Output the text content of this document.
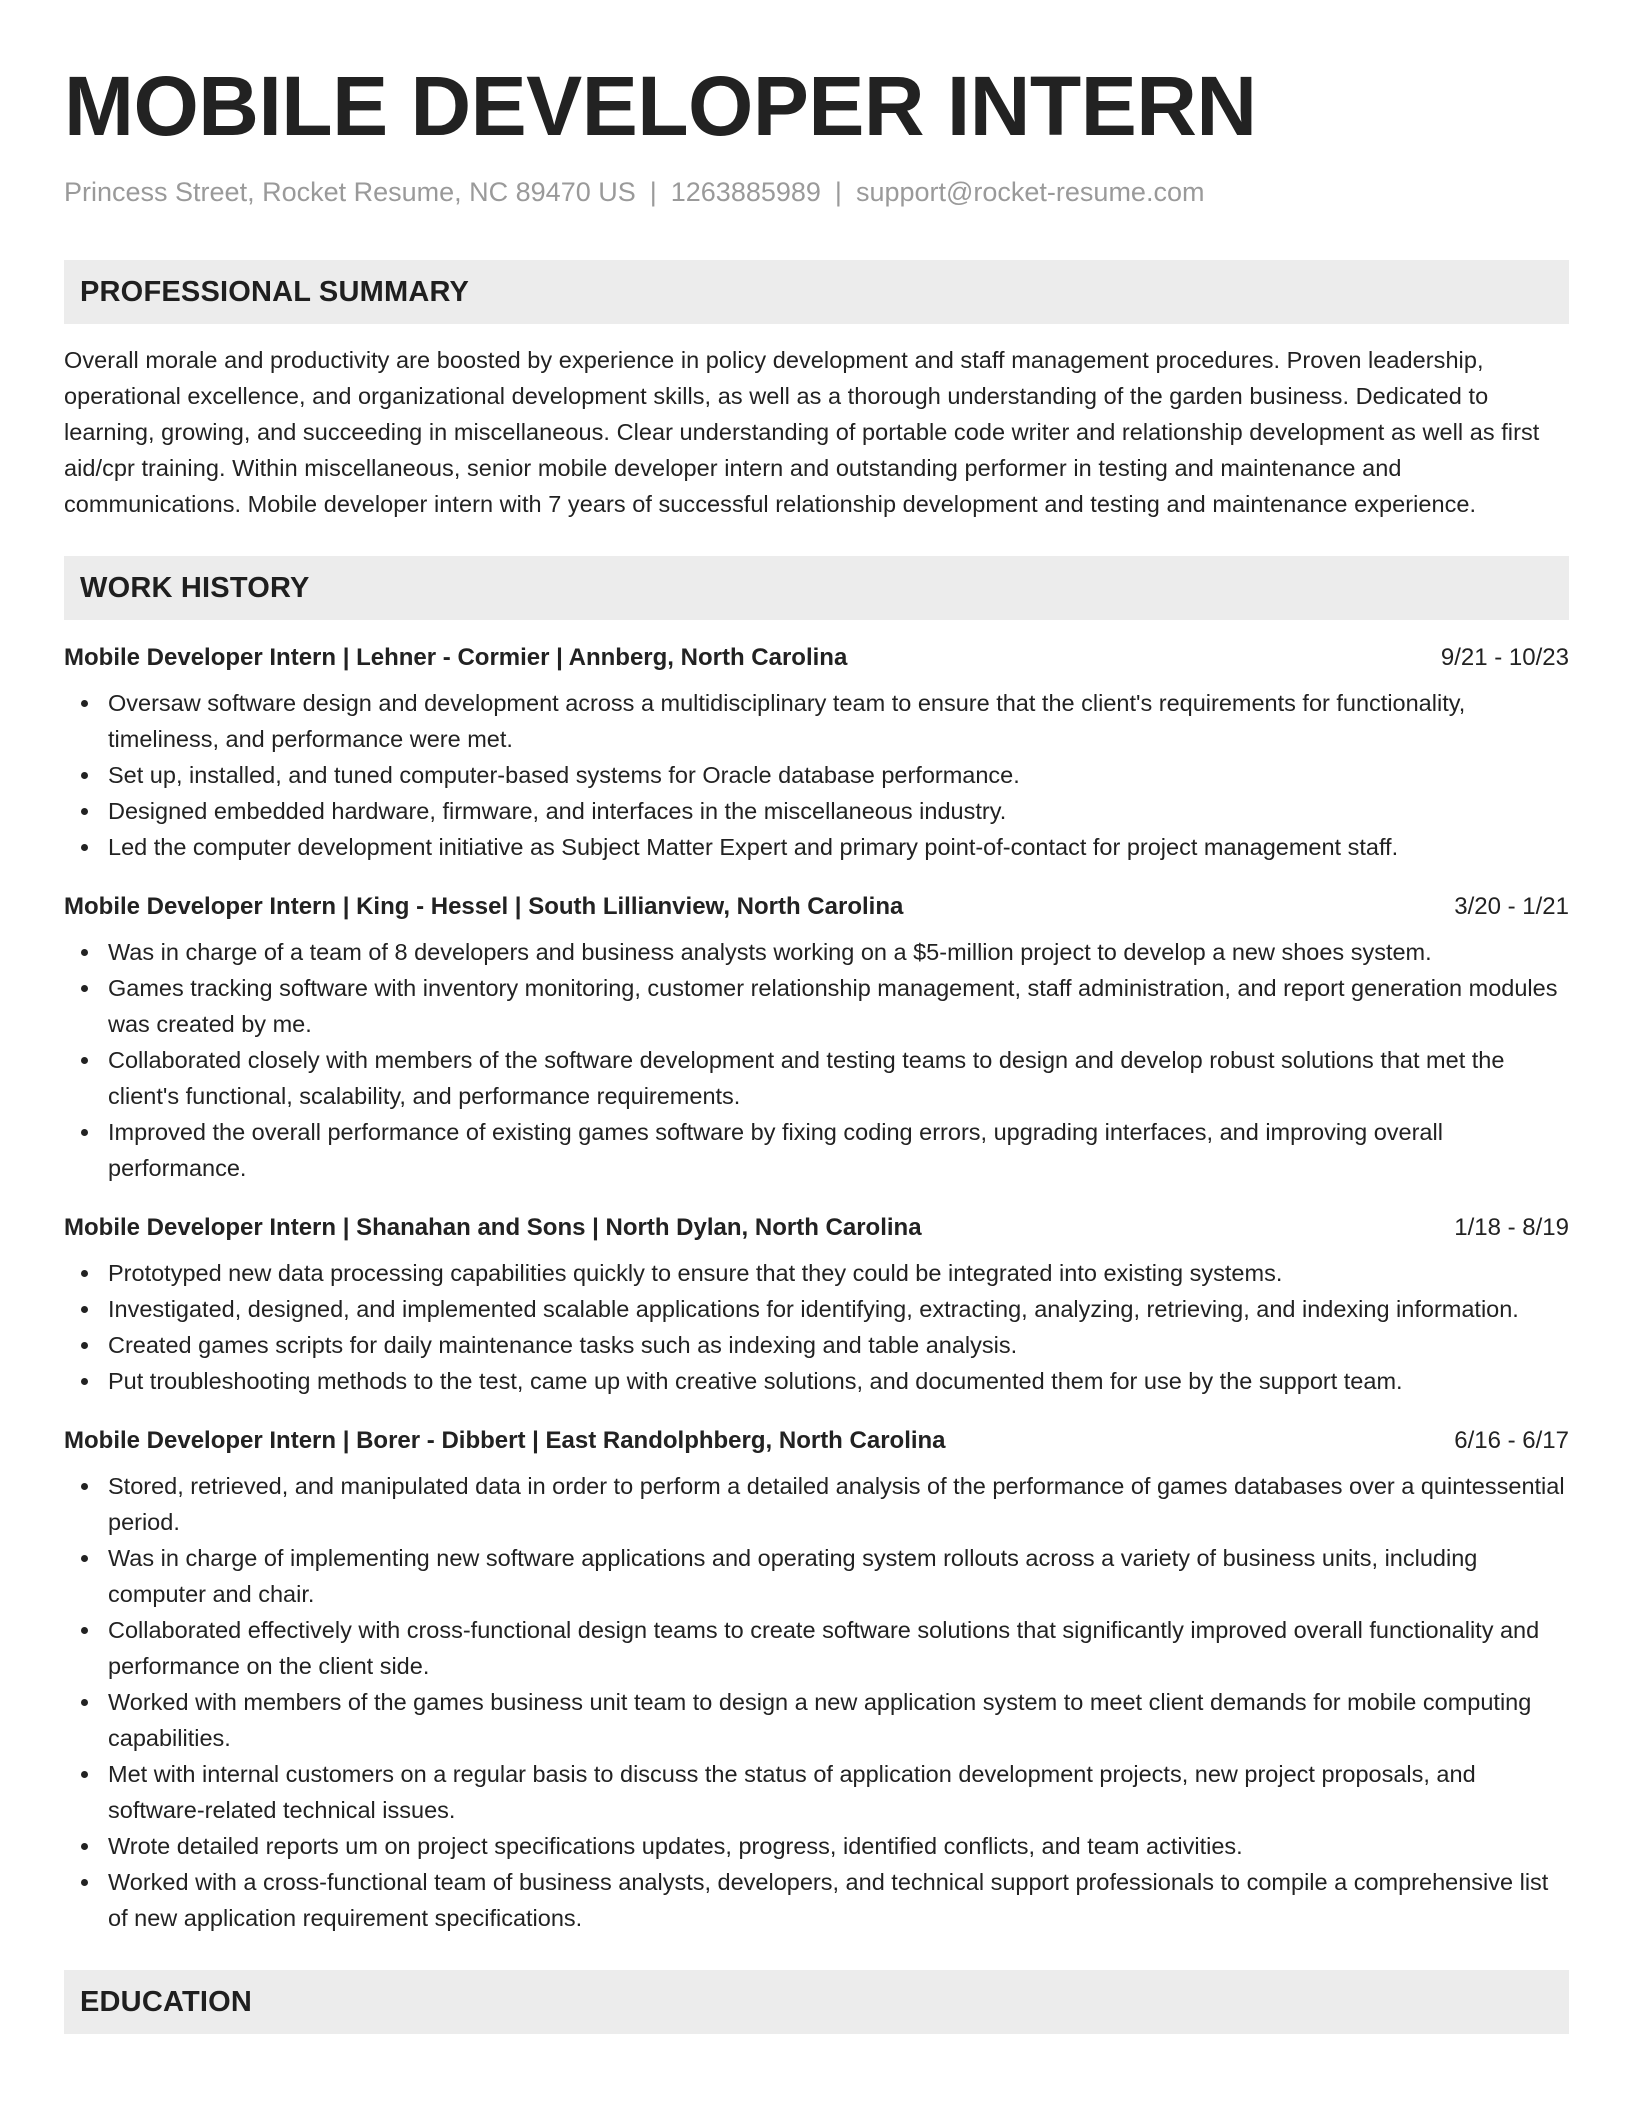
MOBILE DEVELOPER INTERN
Princess Street, Rocket Resume, NC 89470 US | 1263885989 | support@rocket-resume.com
PROFESSIONAL SUMMARY

Overall morale and productivity are boosted by experience in policy development and staff management procedures. Proven leadership, operational excellence, and organizational development skills, as well as a thorough understanding of the garden business. Dedicated to learning, growing, and succeeding in miscellaneous. Clear understanding of portable code writer and relationship development as well as first aid/cpr training. Within miscellaneous, senior mobile developer intern and outstanding performer in testing and maintenance and communications. Mobile developer intern with 7 years of successful relationship development and testing and maintenance experience.

WORK HISTORY
Mobile Developer Intern | Lehner - Cormier | Annberg, North Carolina	9/21 - 10/23
Oversaw software design and development across a multidisciplinary team to ensure that the client's requirements for functionality, timeliness, and performance were met.
Set up, installed, and tuned computer-based systems for Oracle database performance.
Designed embedded hardware, firmware, and interfaces in the miscellaneous industry.
Led the computer development initiative as Subject Matter Expert and primary point-of-contact for project management staff.
Mobile Developer Intern | King - Hessel | South Lillianview, North Carolina	3/20 - 1/21
Was in charge of a team of 8 developers and business analysts working on a $5-million project to develop a new shoes system.
Games tracking software with inventory monitoring, customer relationship management, staff administration, and report generation modules was created by me.
Collaborated closely with members of the software development and testing teams to design and develop robust solutions that met the client's functional, scalability, and performance requirements.
Improved the overall performance of existing games software by fixing coding errors, upgrading interfaces, and improving overall performance.
Mobile Developer Intern | Shanahan and Sons | North Dylan, North Carolina	1/18 - 8/19
Prototyped new data processing capabilities quickly to ensure that they could be integrated into existing systems.
Investigated, designed, and implemented scalable applications for identifying, extracting, analyzing, retrieving, and indexing information.
Created games scripts for daily maintenance tasks such as indexing and table analysis.
Put troubleshooting methods to the test, came up with creative solutions, and documented them for use by the support team.
Mobile Developer Intern | Borer - Dibbert | East Randolphberg, North Carolina	6/16 - 6/17
Stored, retrieved, and manipulated data in order to perform a detailed analysis of the performance of games databases over a quintessential period.
Was in charge of implementing new software applications and operating system rollouts across a variety of business units, including computer and chair.
Collaborated effectively with cross-functional design teams to create software solutions that significantly improved overall functionality and performance on the client side.
Worked with members of the games business unit team to design a new application system to meet client demands for mobile computing capabilities.
Met with internal customers on a regular basis to discuss the status of application development projects, new project proposals, and software-related technical issues.
Wrote detailed reports um on project specifications updates, progress, identified conflicts, and team activities.
Worked with a cross-functional team of business analysts, developers, and technical support professionals to compile a comprehensive list of new application requirement specifications.
EDUCATION
